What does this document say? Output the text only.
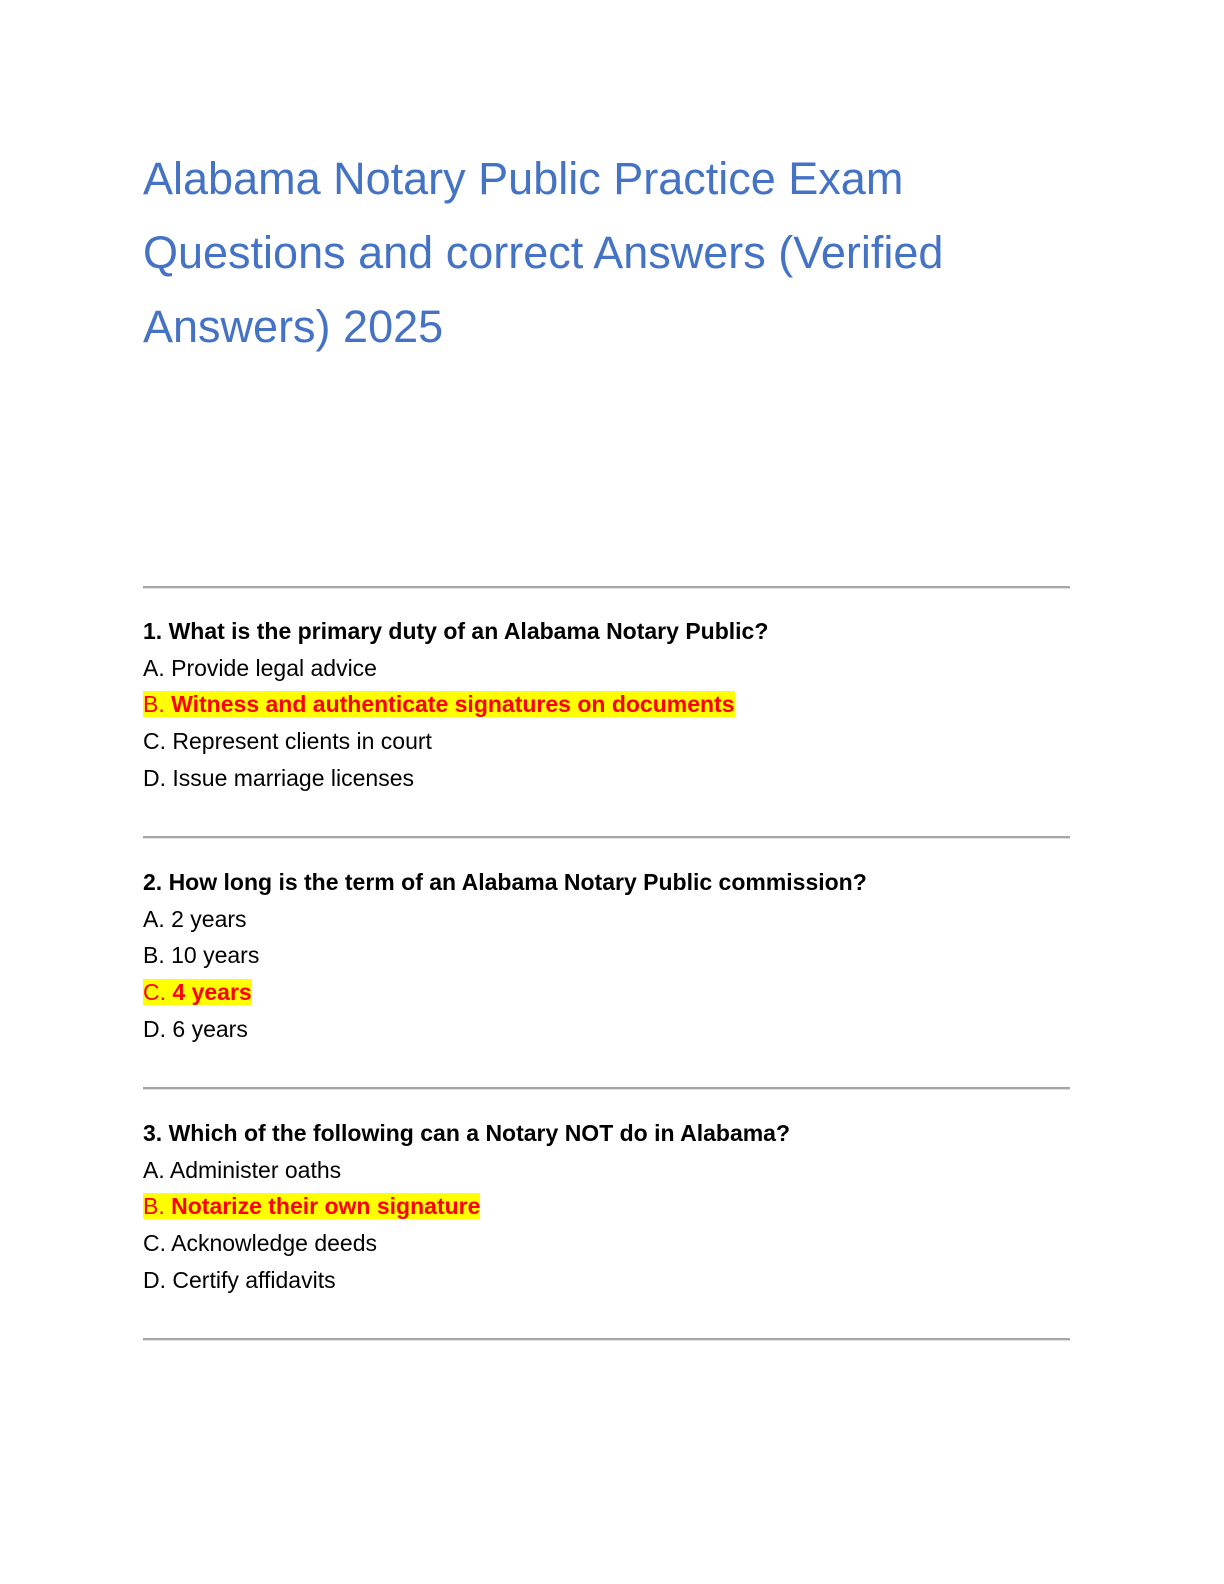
Alabama Notary Public Practice Exam
Questions and correct Answers (Verified
Answers) 2025
1. What is the primary duty of an Alabama Notary Public?
A. Provide legal advice
B. Witness and authenticate signatures on documents
C. Represent clients in court
D. Issue marriage licenses
2. How long is the term of an Alabama Notary Public commission?
A. 2 years
B. 10 years
C. 4 years
D. 6 years
3. Which of the following can a Notary NOT do in Alabama?
A. Administer oaths
B. Notarize their own signature
C. Acknowledge deeds
D. Certify affidavits
